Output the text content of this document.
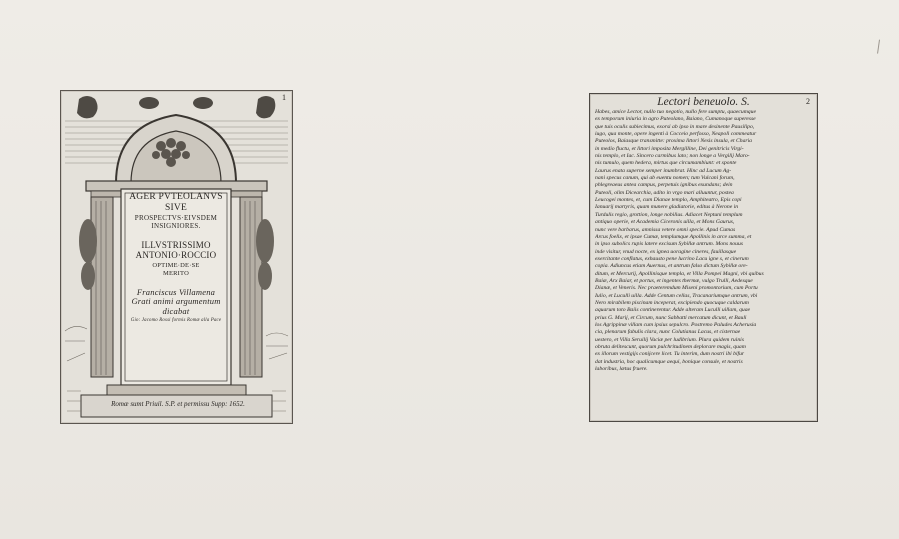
1
AGER PVTEOLANVS
SIVE
PROSPECTVS·EIVSDEM
INSIGNIORES.
ILLVSTRISSIMO
ANTONIO·ROCCIO
OPTIME·DE·SE
MERITO
Franciscus Villamena
Grati animi argumentum
dicabat
Gio: Jacomo Rossi formis Romæ alla Pace
Romæ sumt Priuil. S.P. et permissu Supp: 1652.
2
Lectori beneuolo. S.
Habes, amice Lector, nullo tuo negotio, nullo fere sumptu, quaecumque
ex temporum iniuria in agro Puteolano, Baiano, Cumanoque superesse
que tuis oculis subiecimus, exorsi ab ipso in mare desinente Pausilipo,
iugo, qua monte, opere ingenti à Cocceio perfosso, Neapoli commeatur
Puteolos, Baiasque transmitte: proxima littori Nesis insula, et Charia
in medio fluctu, et littori imposita Mergilline, Dei genitricis Virgi-
nis templo, et Iac. Sincero carmibus lato; non longe a Vergilij Maro-
nis tumulo, quem hedera, mirtus que circumambiunt: et sponte
Laurus enata superne semper inumbrat. Hinc ad Lucum Ag-
nani specus canum, qui ab euentu nomen; tum Vulcani forum,
phlegreaeus antea campus, perpetuis ignibus exundans; dein
Puteoli, olim Dicearchia, adito in vrgo mari alluuntur, postea
Leucogei montes, et, cum Dianae templo, Amphiteatro, Epis copi
Ianuarij martyris, quam munere gladiatorie, editus à Nerone in
Turdulis regio, grottion, longe nobilius. Adiacet Neptuni templum
antiquo operie, et Academia Ciceronis uilla, et Mons Gaurus,
nunc vere barbarus, amnissa vetere omni specie. Apud Cumas
Arcus foelix, et ipsae Cumæ, templumque Apollinis in arce summa, et
in ipso subolics rupis latere excisum Sybillæ antrum. Mons nouus
inde visitur, vnud nocte, ex ignea uoragine cineres, fauillasque
exercitante conflatus, exhausto pene lucrino Lacu igne s, et cinerum
copia. Adiuncus etiam Auernus, et antrum falso dictum Sybillæ ore-
ditum, et Mercurij, Apollinisque templa, et Villa Pompei Magni, vbi quibus
Baiæ, Arx Baiar, et portus, et ingentes thermæ, vulgo Trulli, Aedesque
Dianæ, et Veneris. Nec praeteremdum Miseni promontorium, cum Portu
Iulio, et Luculli uilla. Adde Centum cellas, Tracanariumque antrum, vbi
Nero mirabilem piscinam inceperat, excipiendo quocuque caldarum
aquarum toto Baiis continerentur. Adde alteram Luculli uillam, quae
prius G. Marij, et Circum, nunc Sabbatti mercatum dicunt, et Bauli
los Agrippinæ villam cum ipsius sepulcro. Postremo Paludes Acherusia
cia, plenarum fabulis clara, nunc Colutianus Lacus, et cisternae
uestero, et Villa Seruilij Vaciæ per ludibrium. Plura quidem ruinis
obruta delitescunt, quorum pulchritudinem deplorare magis, quam
ex illorum vestigijs conijcere licet. Tu interim, dum nostri ibi bifur
dat industria, hoc qualicumque aequi, bonique consule, et nostris
laboribus, lætus fruere.
